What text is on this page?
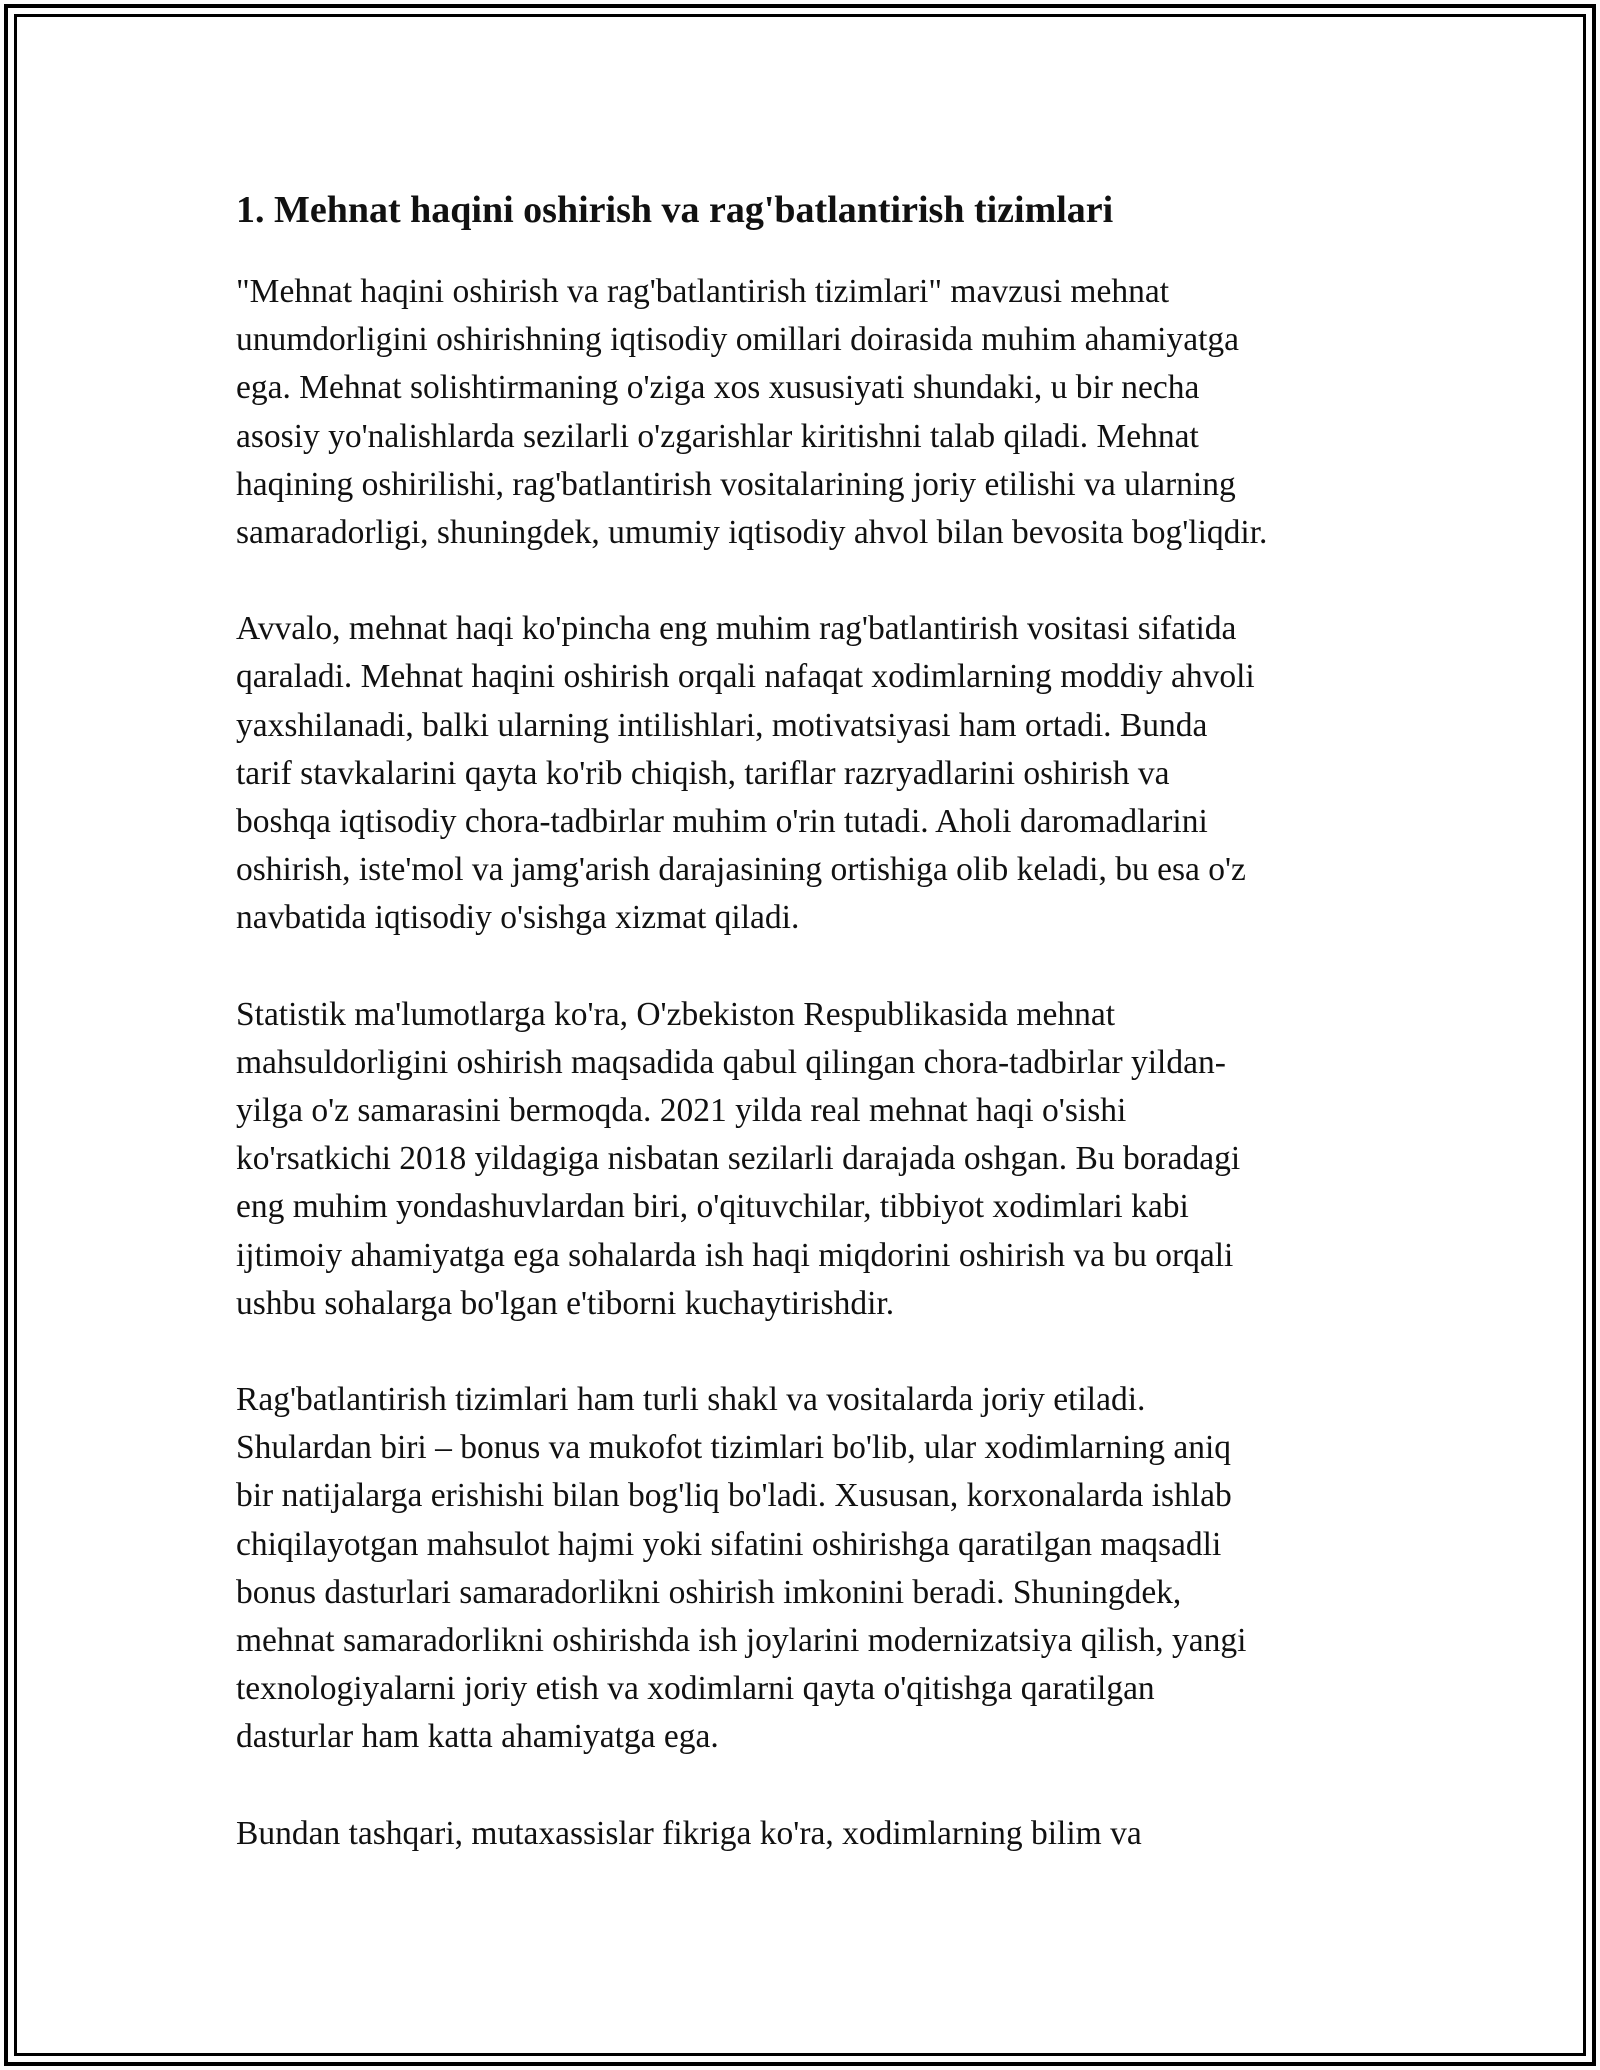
1. Mehnat haqini oshirish va rag'batlantirish tizimlari
"Mehnat haqini oshirish va rag'batlantirish tizimlari" mavzusi mehnat
unumdorligini oshirishning iqtisodiy omillari doirasida muhim ahamiyatga
ega. Mehnat solishtirmaning o'ziga xos xususiyati shundaki, u bir necha
asosiy yo'nalishlarda sezilarli o'zgarishlar kiritishni talab qiladi. Mehnat
haqining oshirilishi, rag'batlantirish vositalarining joriy etilishi va ularning
samaradorligi, shuningdek, umumiy iqtisodiy ahvol bilan bevosita bog'liqdir.
Avvalo, mehnat haqi ko'pincha eng muhim rag'batlantirish vositasi sifatida
qaraladi. Mehnat haqini oshirish orqali nafaqat xodimlarning moddiy ahvoli
yaxshilanadi, balki ularning intilishlari, motivatsiyasi ham ortadi. Bunda
tarif stavkalarini qayta ko'rib chiqish, tariflar razryadlarini oshirish va
boshqa iqtisodiy chora-tadbirlar muhim o'rin tutadi. Aholi daromadlarini
oshirish, iste'mol va jamg'arish darajasining ortishiga olib keladi, bu esa o'z
navbatida iqtisodiy o'sishga xizmat qiladi.
Statistik ma'lumotlarga ko'ra, O'zbekiston Respublikasida mehnat
mahsuldorligini oshirish maqsadida qabul qilingan chora-tadbirlar yildan-
yilga o'z samarasini bermoqda. 2021 yilda real mehnat haqi o'sishi
ko'rsatkichi 2018 yildagiga nisbatan sezilarli darajada oshgan. Bu boradagi
eng muhim yondashuvlardan biri, o'qituvchilar, tibbiyot xodimlari kabi
ijtimoiy ahamiyatga ega sohalarda ish haqi miqdorini oshirish va bu orqali
ushbu sohalarga bo'lgan e'tiborni kuchaytirishdir.
Rag'batlantirish tizimlari ham turli shakl va vositalarda joriy etiladi.
Shulardan biri – bonus va mukofot tizimlari bo'lib, ular xodimlarning aniq
bir natijalarga erishishi bilan bog'liq bo'ladi. Xususan, korxonalarda ishlab
chiqilayotgan mahsulot hajmi yoki sifatini oshirishga qaratilgan maqsadli
bonus dasturlari samaradorlikni oshirish imkonini beradi. Shuningdek,
mehnat samaradorlikni oshirishda ish joylarini modernizatsiya qilish, yangi
texnologiyalarni joriy etish va xodimlarni qayta o'qitishga qaratilgan
dasturlar ham katta ahamiyatga ega.
Bundan tashqari, mutaxassislar fikriga ko'ra, xodimlarning bilim va
